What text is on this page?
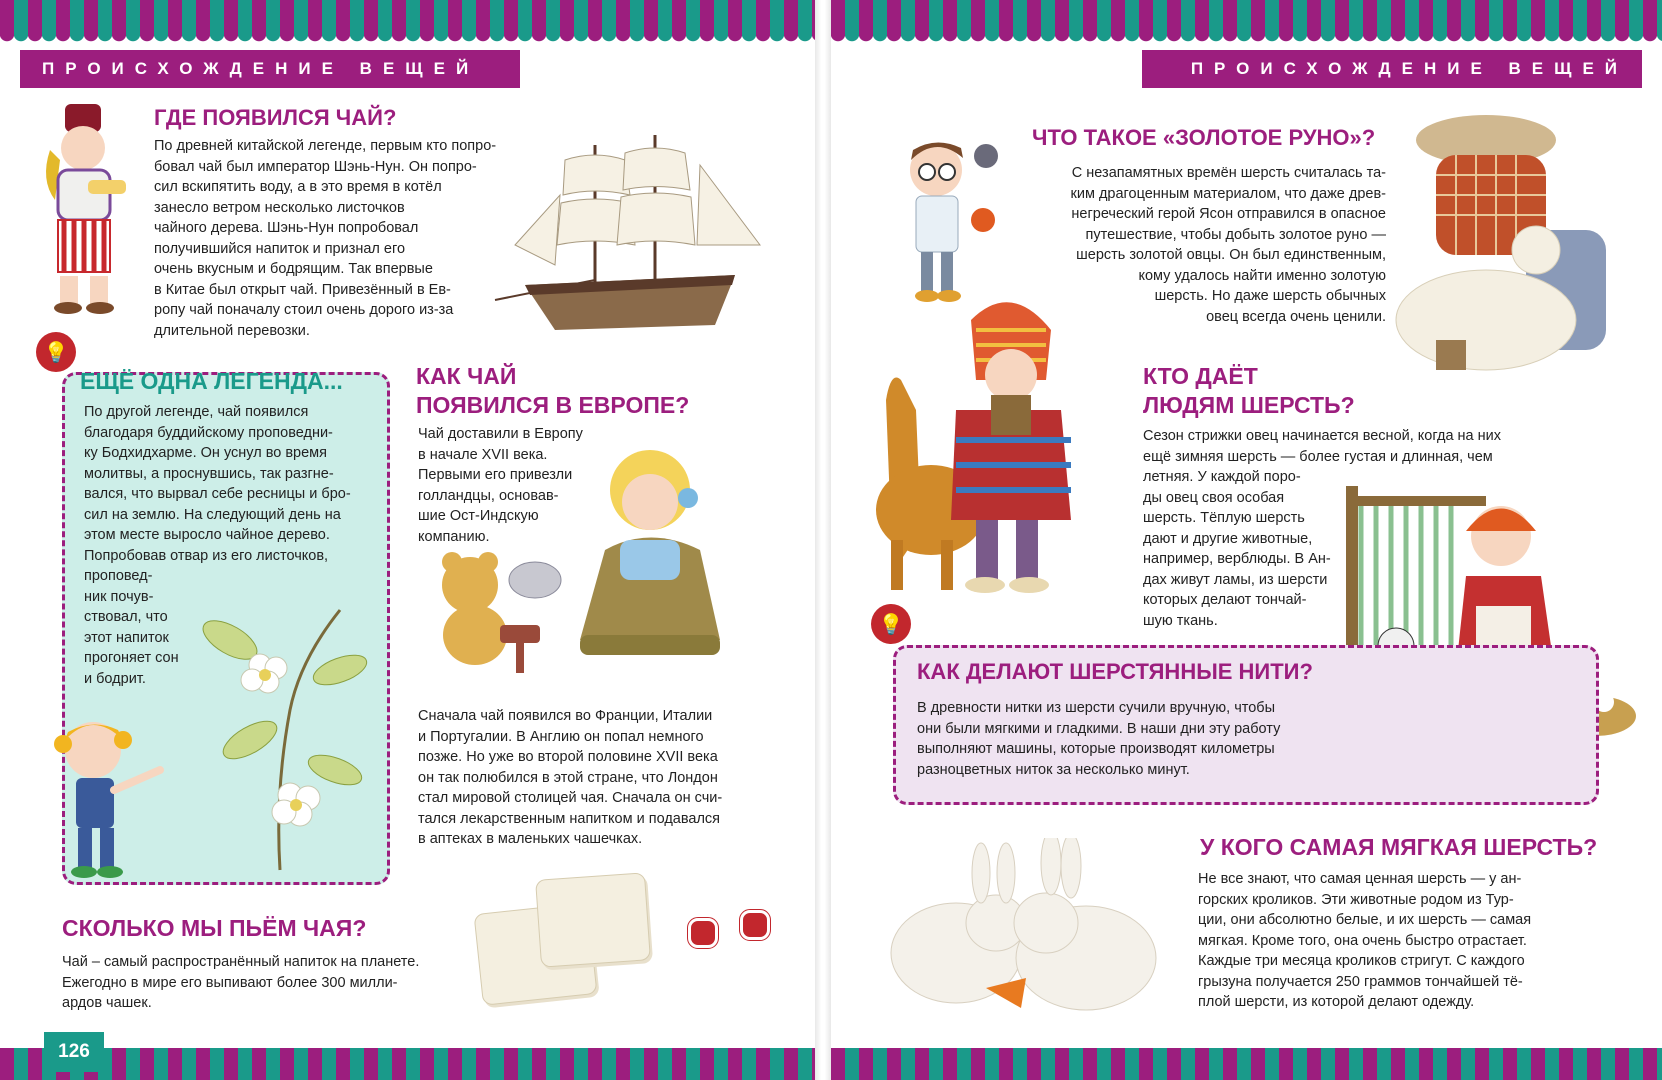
ПРОИСХОЖДЕНИЕ ВЕЩЕЙ
ГДЕ ПОЯВИЛСЯ ЧАЙ?
По древней китайской легенде, первым кто попро-
бовал чай был император Шэнь-Нун. Он попро-
сил вскипятить воду, а в это время в котёл
занесло ветром несколько листочков
чайного дерева. Шэнь-Нун попробовал
получившийся напиток и признал его
очень вкусным и бодрящим. Так впервые
в Китае был открыт чай. Привезённый в Ев-
ропу чай поначалу стоил очень дорого из-за
длительной перевозки.
💡
ЕЩЁ ОДНА ЛЕГЕНДА...
По другой легенде, чай появился
благодаря буддийскому проповедни-
ку Бодхидхарме. Он уснул во время
молитвы, а проснувшись, так разгне-
вался, что вырвал себе ресницы и бро-
сил на землю. На следующий день на
этом месте выросло чайное дерево.
Попробовав отвар из его листочков,
проповед-
ник почув-
ствовал, что
этот напиток
прогоняет сон
и бодрит.
КАК ЧАЙ
ПОЯВИЛСЯ В ЕВРОПЕ?
Чай доставили в Европу
в начале XVII века.
Первыми его привезли
голландцы, основав-
шие Ост-Индскую
компанию.
Сначала чай появился во Франции, Италии
и Португалии. В Англию он попал немного
позже. Но уже во второй половине XVII века
он так полюбился в этой стране, что Лондон
стал мировой столицей чая. Сначала он счи-
тался лекарственным напитком и подавался
в аптеках в маленьких чашечках.
СКОЛЬКО МЫ ПЬЁМ ЧАЯ?
Чай – самый распространённый напиток на планете.
Ежегодно в мире его выпивают более 300 милли-
ардов чашек.
126
ПРОИСХОЖДЕНИЕ ВЕЩЕЙ
ЧТО ТАКОЕ «ЗОЛОТОЕ РУНО»?
С незапамятных времён шерсть считалась та-
ким драгоценным материалом, что даже древ-
негреческий герой Ясон отправился в опасное
путешествие, чтобы добыть золотое руно —
шерсть золотой овцы. Он был единственным,
кому удалось найти именно золотую
шерсть. Но даже шерсть обычных
овец всегда очень ценили.
КТО ДАЁТ
ЛЮДЯМ ШЕРСТЬ?
Сезон стрижки овец начинается весной, когда на них
ещё зимняя шерсть — более густая и длинная, чем
летняя. У каждой поро-
ды овец своя особая
шерсть. Тёплую шерсть
дают и другие животные,
например, верблюды. В Ан-
дах живут ламы, из шерсти
которых делают тончай-
шую ткань.
💡
КАК ДЕЛАЮТ ШЕРСТЯННЫЕ НИТИ?
В древности нитки из шерсти сучили вручную, чтобы
они были мягкими и гладкими. В наши дни эту работу
выполняют машины, которые производят километры
разноцветных ниток за несколько минут.
У КОГО САМАЯ МЯГКАЯ ШЕРСТЬ?
Не все знают, что самая ценная шерсть — у ан-
горских кроликов. Эти животные родом из Тур-
ции, они абсолютно белые, и их шерсть — самая
мягкая. Кроме того, она очень быстро отрастает.
Каждые три месяца кроликов стригут. С каждого
грызуна получается 250 граммов тончайшей тё-
плой шерсти, из которой делают одежду.
